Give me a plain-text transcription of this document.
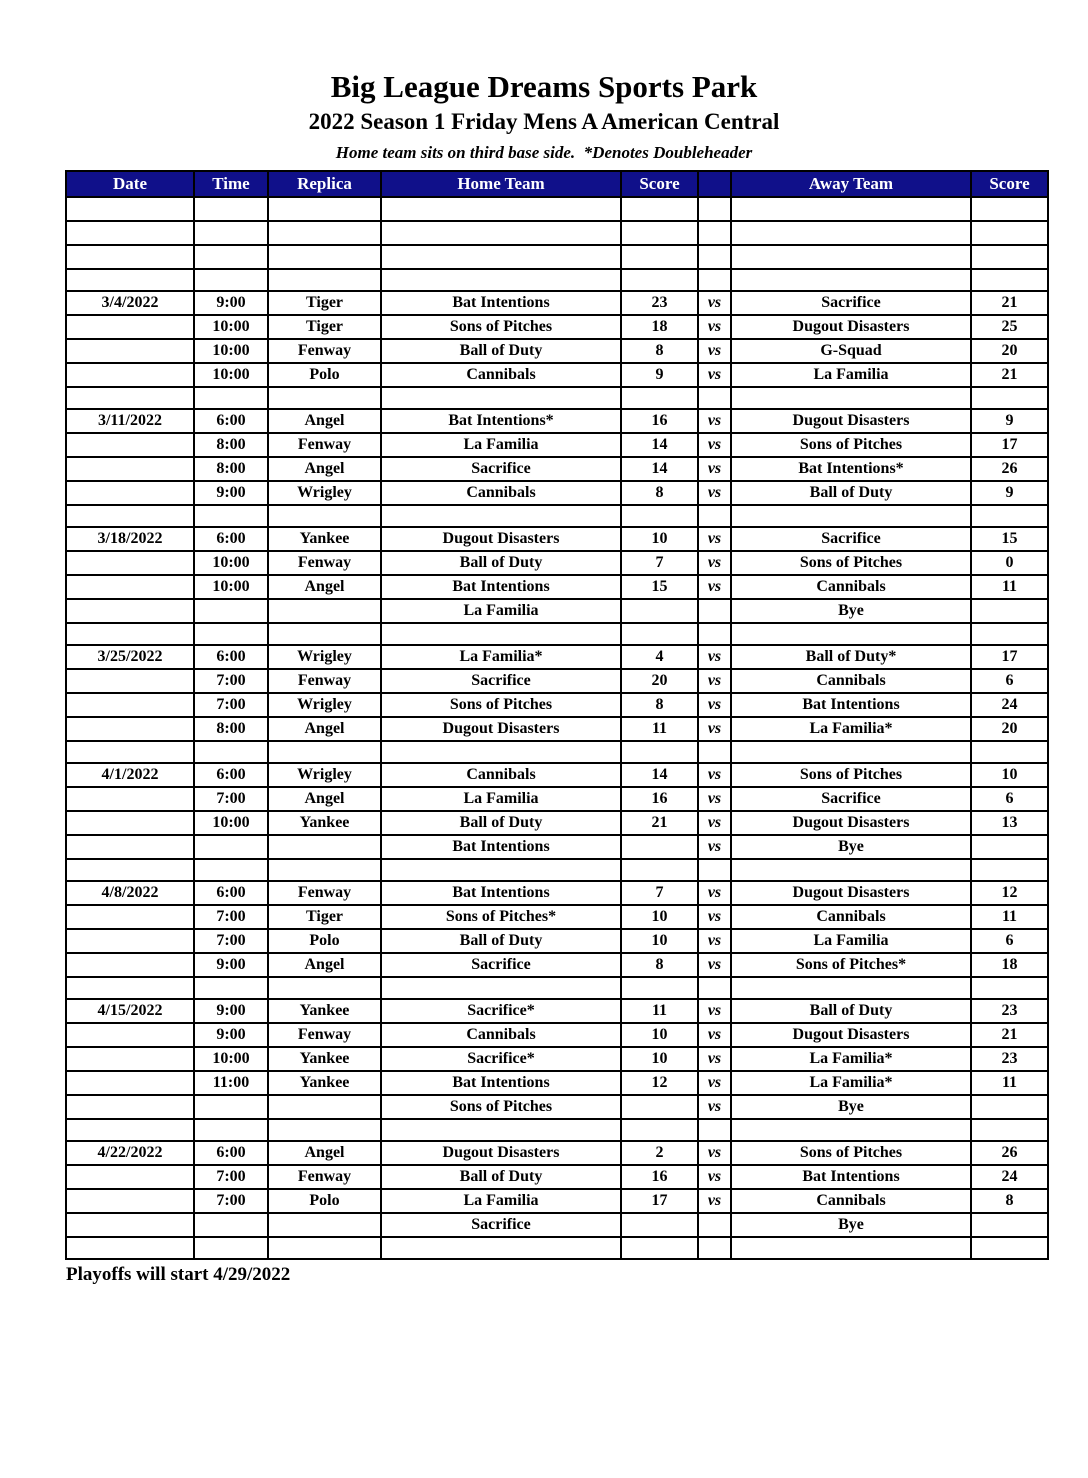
Big League Dreams Sports Park
2022 Season 1 Friday Mens A American Central
Home team sits on third base side.  *Denotes Doubleheader
Date	Time	Replica	Home Team	Score		Away Team	Score

3/4/2022	9:00	Tiger	Bat Intentions	23	vs	Sacrifice	21
	10:00	Tiger	Sons of Pitches	18	vs	Dugout Disasters	25
	10:00	Fenway	Ball of Duty	8	vs	G-Squad	20
	10:00	Polo	Cannibals	9	vs	La Familia	21

3/11/2022	6:00	Angel	Bat Intentions*	16	vs	Dugout Disasters	9
	8:00	Fenway	La Familia	14	vs	Sons of Pitches	17
	8:00	Angel	Sacrifice	14	vs	Bat Intentions*	26
	9:00	Wrigley	Cannibals	8	vs	Ball of Duty	9

3/18/2022	6:00	Yankee	Dugout Disasters	10	vs	Sacrifice	15
	10:00	Fenway	Ball of Duty	7	vs	Sons of Pitches	0
	10:00	Angel	Bat Intentions	15	vs	Cannibals	11
			La Familia			Bye	

3/25/2022	6:00	Wrigley	La Familia*	4	vs	Ball of Duty*	17
	7:00	Fenway	Sacrifice	20	vs	Cannibals	6
	7:00	Wrigley	Sons of Pitches	8	vs	Bat Intentions	24
	8:00	Angel	Dugout Disasters	11	vs	La Familia*	20

4/1/2022	6:00	Wrigley	Cannibals	14	vs	Sons of Pitches	10
	7:00	Angel	La Familia	16	vs	Sacrifice	6
	10:00	Yankee	Ball of Duty	21	vs	Dugout Disasters	13
			Bat Intentions		vs	Bye	

4/8/2022	6:00	Fenway	Bat Intentions	7	vs	Dugout Disasters	12
	7:00	Tiger	Sons of Pitches*	10	vs	Cannibals	11
	7:00	Polo	Ball of Duty	10	vs	La Familia	6
	9:00	Angel	Sacrifice	8	vs	Sons of Pitches*	18

4/15/2022	9:00	Yankee	Sacrifice*	11	vs	Ball of Duty	23
	9:00	Fenway	Cannibals	10	vs	Dugout Disasters	21
	10:00	Yankee	Sacrifice*	10	vs	La Familia*	23
	11:00	Yankee	Bat Intentions	12	vs	La Familia*	11
			Sons of Pitches		vs	Bye	

4/22/2022	6:00	Angel	Dugout Disasters	2	vs	Sons of Pitches	26
	7:00	Fenway	Ball of Duty	16	vs	Bat Intentions	24
	7:00	Polo	La Familia	17	vs	Cannibals	8
			Sacrifice			Bye	

Playoffs will start 4/29/2022
